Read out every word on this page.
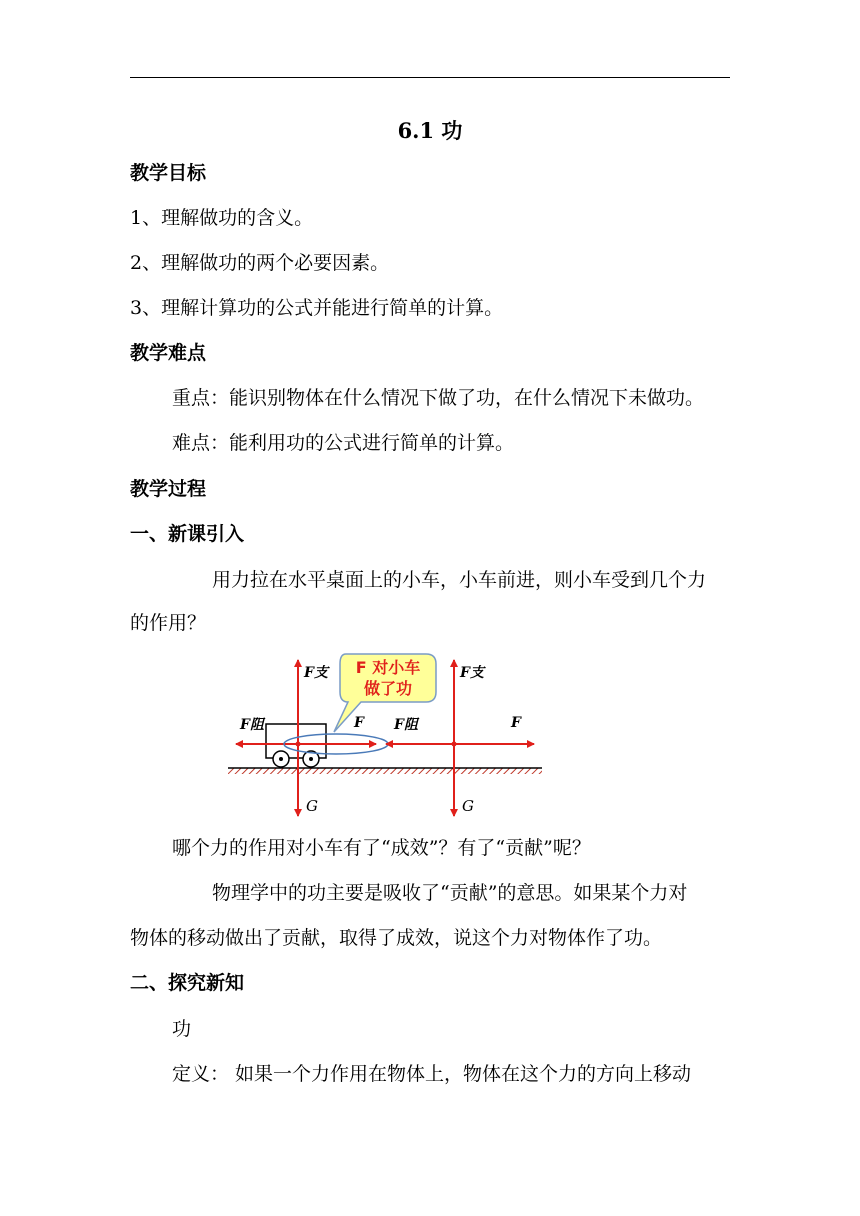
6.1 功
教学目标
1、理解做功的含义。
2、理解做功的两个必要因素。
3、理解计算功的公式并能进行简单的计算。
教学难点
重点：能识别物体在什么情况下做了功，在什么情况下未做功。
难点：能利用功的公式进行简单的计算。
教学过程
一、新课引入
用力拉在水平桌面上的小车，小车前进，则小车受到几个力
的作用？
F 对小车
做了功
F支
F阻	F
G
F支
F阻	F
G
哪个力的作用对小车有了“成效”？有了“贡献”呢？
物理学中的功主要是吸收了“贡献”的意思。如果某个力对
物体的移动做出了贡献，取得了成效，说这个力对物体作了功。
二、探究新知
功
定义： 如果一个力作用在物体上，物体在这个力的方向上移动
